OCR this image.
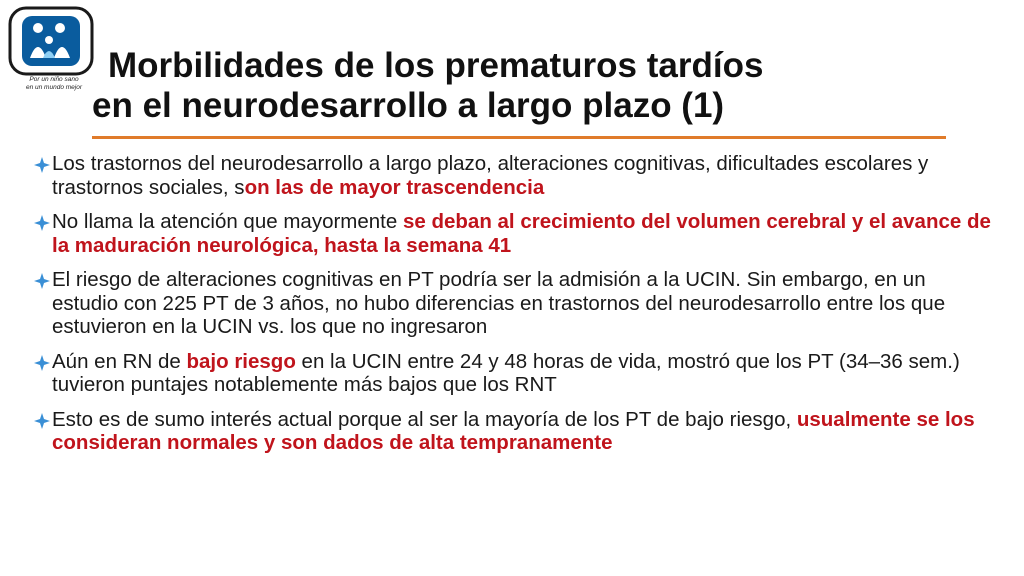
Por un niño sano
en un mundo mejor
Morbilidades de los prematuros tardíos
en el neurodesarrollo a largo plazo (1)
Los trastornos del neurodesarrollo a largo plazo, alteraciones cognitivas, dificultades escolares y trastornos sociales, son las de mayor trascendencia
No llama la atención que mayormente se deban al crecimiento del volumen cerebral y el avance de la maduración neurológica, hasta la semana 41
El riesgo de alteraciones cognitivas en PT podría ser la admisión a la UCIN. Sin embargo, en un estudio con 225 PT de 3 años, no hubo diferencias en trastornos del neurodesarrollo entre los que estuvieron en la UCIN vs. los que no ingresaron
Aún en RN de bajo riesgo en la UCIN entre 24 y 48 horas de vida, mostró que los PT (34–36 sem.) tuvieron puntajes notablemente más bajos que los RNT
Esto es de sumo interés actual porque al ser la mayoría de los PT de bajo riesgo, usualmente se los consideran normales y son dados de alta tempranamente
